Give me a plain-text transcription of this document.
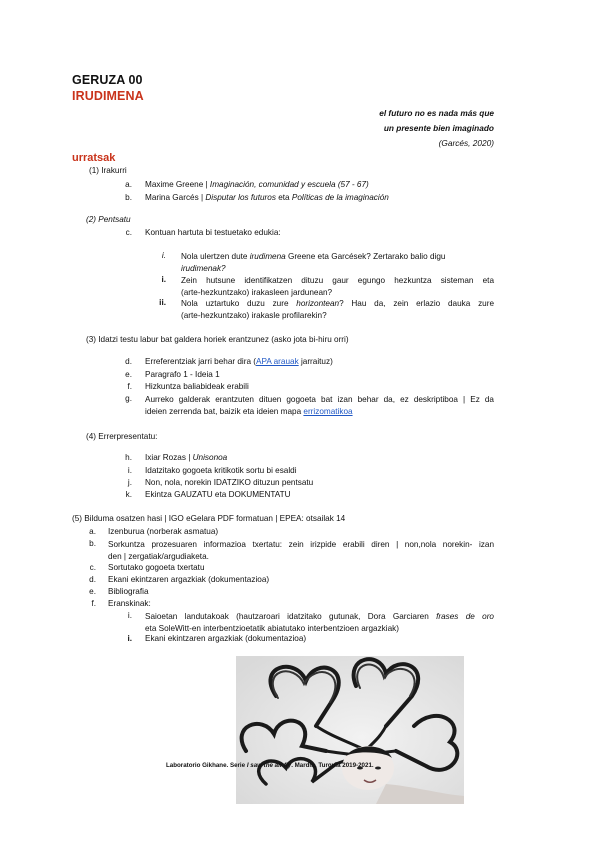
GERUZA 00
IRUDIMENA
el futuro no es nada más que
un presente bien imaginado
(Garcés, 2020)
urratsak
(1) Irakurri
a. Maxime Greene | Imaginación, comunidad y escuela (57 - 67)
b. Marina Garcés | Disputar los futuros eta Políticas de la imaginación
(2) Pentsatu
c. Kontuan hartuta bi testuetako edukia:
i. Nola ulertzen dute irudimena Greene eta Garcések? Zertarako balio digu
irudimenak?
i. Zein hutsune identifikatzen dituzu gaur egungo hezkuntza sisteman eta
(arte-hezkuntzako) irakasleen jardunean?
ii. Nola uztartuko duzu zure horizontean? Hau da, zein erlazio dauka zure
(arte-hezkuntzako) irakasle profilarekin?
(3) Idatzi testu labur bat galdera horiek erantzunez (asko jota bi-hiru orri)
d. Erreferentziak jarri behar dira (APA arauak jarraituz)
e. Paragrafo 1 - Ideia 1
f. Hizkuntza baliabideak erabili
g. Aurreko galderak erantzuten dituen gogoeta bat izan behar da, ez deskriptiboa | Ez da
ideien zerrenda bat, baizik eta ideien mapa errizomatikoa
(4) Errerpresentatu:
h. Ixiar Rozas | Unisonoa
i. Idatzitako gogoeta kritikotik sortu bi esaldi
j. Non, nola, norekin IDATZIKO dituzun pentsatu
k. Ekintza GAUZATU eta DOKUMENTATU
(5) Bilduma osatzen hasi | IGO eGelara PDF formatuan | EPEA: otsailak 14
a. Izenburua (norberak asmatua)
b. Sorkuntza prozesuaren informazioa txertatu: zein irizpide erabili diren | non,nola norekin- izan
den | zergatiak/argudiaketa.
c. Sortutako gogoeta txertatu
d. Ekani ekintzaren argazkiak (dokumentazioa)
e. Bibliografia
f. Eranskinak:
i. Saioetan landutakoak (hautzaroari idatzitako gutunak, Dora Garciaren frases de oro
eta SoleWitt-en interbentzioetatik abiatutako interbentzioen argazkiak)
i. Ekani ekintzaren argazkiak (dokumentazioa)
Laboratorio Gikhane. Serie I saw the air fly. Mardin, Turquia 2019-2021.
